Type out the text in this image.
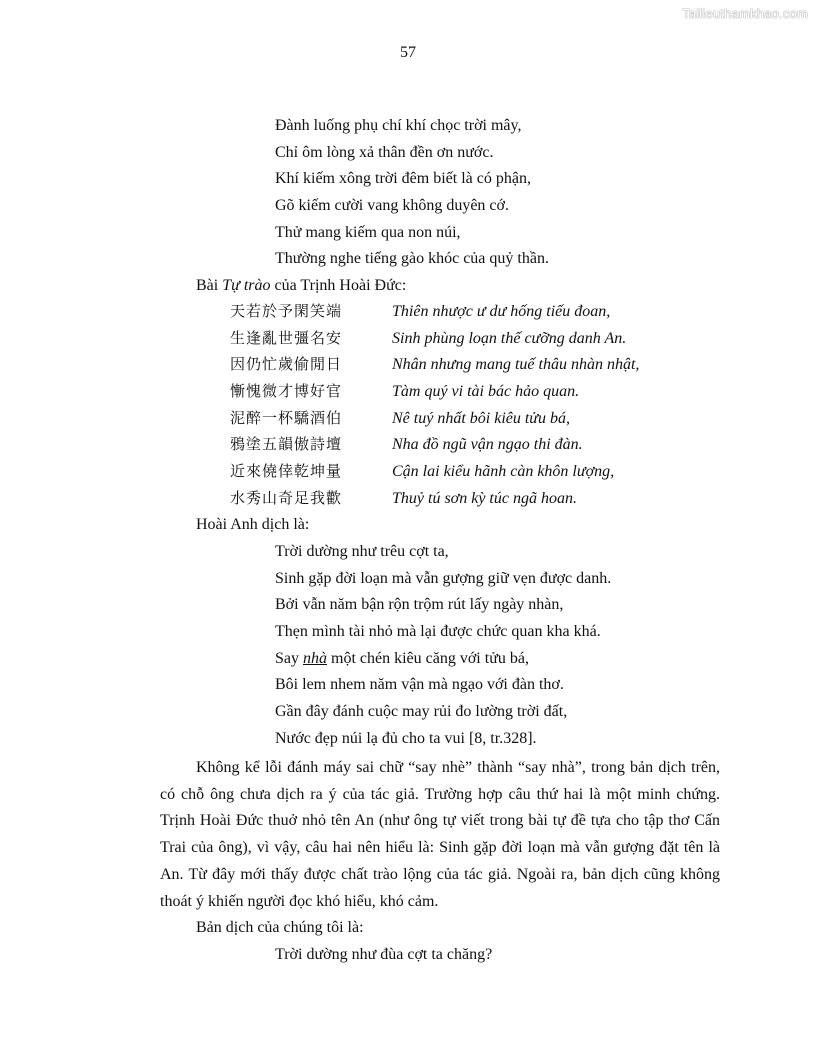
Tailieuthamkhao.com
57
Đành luống phụ chí khí chọc trời mây,
Chỉ ôm lòng xả thân đền ơn nước.
Khí kiếm xông trời đêm biết là có phận,
Gõ kiếm cười vang không duyên cớ.
Thử mang kiếm qua non núi,
Thường nghe tiếng gào khóc của quỷ thần.
Bài Tự trào của Trịnh Hoài Đức:
天若於予閑笑端
生逢亂世彊名安
因仍忙歲偷閒日
慚愧微才博好官
泥醉一杯驕酒伯
鴉塗五韻傲詩壇
近來僥倖乾坤量
水秀山奇足我歡
Thiên nhược ư dư hống tiếu đoan,
Sinh phùng loạn thế cưỡng danh An.
Nhân nhưng mang tuế thâu nhàn nhật,
Tàm quý vi tài bác hảo quan.
Nê tuý nhất bôi kiêu tửu bá,
Nha đồ ngũ vận ngạo thi đàn.
Cận lai kiểu hãnh càn khôn lượng,
Thuỷ tú sơn kỳ túc ngã hoan.
Hoài Anh dịch là:
Trời dường như trêu cợt ta,
Sinh gặp đời loạn mà vẫn gượng giữ vẹn được danh.
Bởi vẫn năm bận rộn trộm rút lấy ngày nhàn,
Thẹn mình tài nhỏ mà lại được chức quan kha khá.
Say nhà một chén kiêu căng với tửu bá,
Bôi lem nhem năm vận mà ngạo với đàn thơ.
Gần đây đánh cuộc may rủi đo lường trời đất,
Nước đẹp núi lạ đủ cho ta vui [8, tr.328].
Không kể lỗi đánh máy sai chữ “say nhè” thành “say nhà”, trong bản dịch trên, có chỗ ông chưa dịch ra ý của tác giả. Trường hợp câu thứ hai là một minh chứng. Trịnh Hoài Đức thuở nhỏ tên An (như ông tự viết trong bài tự đề tựa cho tập thơ Cấn Trai của ông), vì vậy, câu hai nên hiểu là: Sinh gặp đời loạn mà vẫn gượng đặt tên là An. Từ đây mới thấy được chất trào lộng của tác giả. Ngoài ra, bản dịch cũng không thoát ý khiến người đọc khó hiểu, khó cảm.
Bản dịch của chúng tôi là:
Trời dường như đùa cợt ta chăng?
